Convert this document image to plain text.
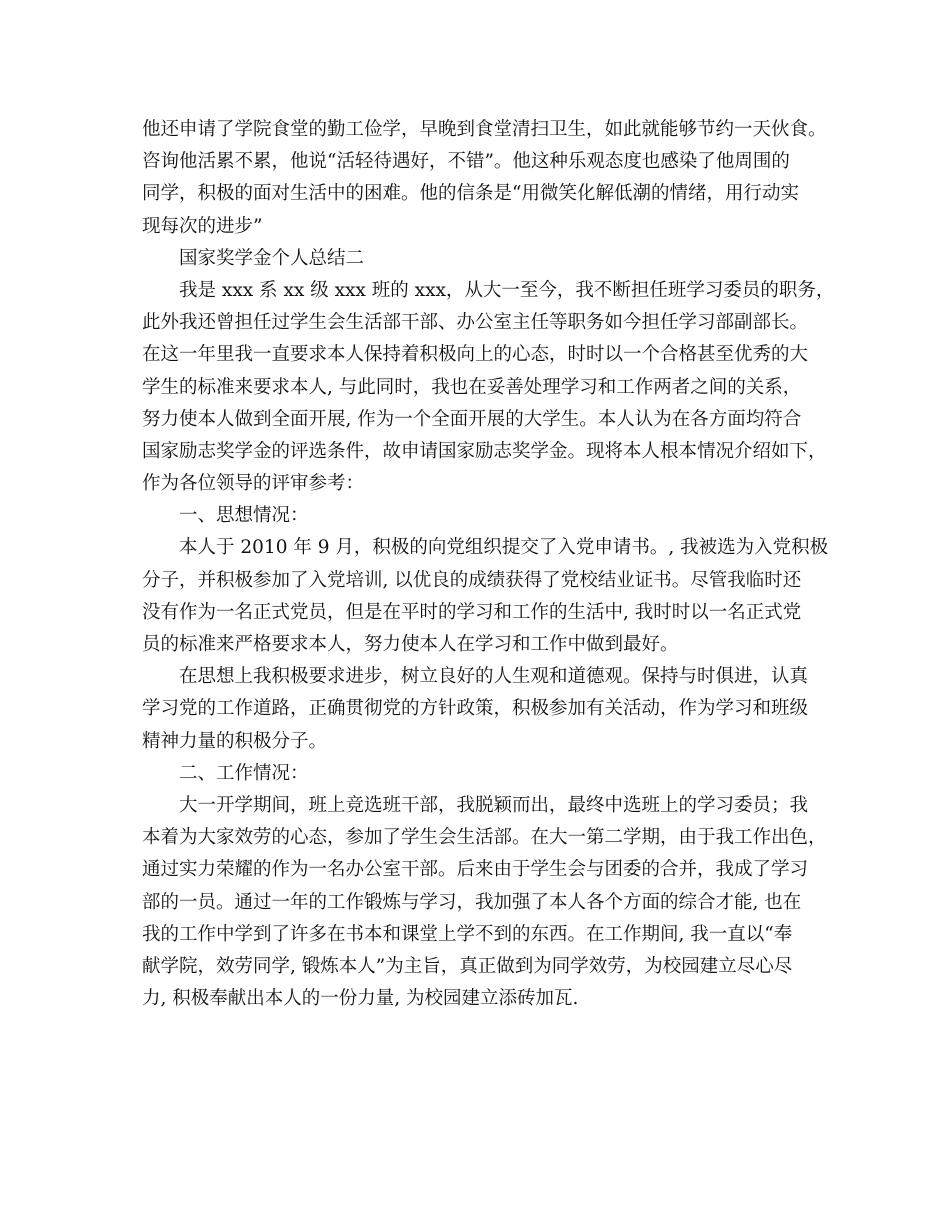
他还申请了学院食堂的勤工俭学，早晚到食堂清扫卫生，如此就能够节约一天伙食。
咨询他活累不累，他说“活轻待遇好，不错”。他这种乐观态度也感染了他周围的
同学，积极的面对生活中的困难。他的信条是“用微笑化解低潮的情绪，用行动实
现每次的进步”
国家奖学金个人总结二
我是 xxx 系 xx 级 xxx 班的 xxx，从大一至今，我不断担任班学习委员的职务，
此外我还曾担任过学生会生活部干部、办公室主任等职务如今担任学习部副部长。
在这一年里我一直要求本人保持着积极向上的心态，时时以一个合格甚至优秀的大
学生的标准来要求本人, 与此同时，我也在妥善处理学习和工作两者之间的关系，
努力使本人做到全面开展, 作为一个全面开展的大学生。本人认为在各方面均符合
国家励志奖学金的评选条件，故申请国家励志奖学金。现将本人根本情况介绍如下，
作为各位领导的评审参考：
一、思想情况：
本人于 2010 年 9 月，积极的向党组织提交了入党申请书。, 我被选为入党积极
分子，并积极参加了入党培训, 以优良的成绩获得了党校结业证书。尽管我临时还
没有作为一名正式党员，但是在平时的学习和工作的生活中, 我时时以一名正式党
员的标准来严格要求本人，努力使本人在学习和工作中做到最好。
在思想上我积极要求进步，树立良好的人生观和道德观。保持与时俱进，认真
学习党的工作道路，正确贯彻党的方针政策，积极参加有关活动，作为学习和班级
精神力量的积极分子。
二、工作情况：
大一开学期间，班上竞选班干部，我脱颖而出，最终中选班上的学习委员；我
本着为大家效劳的心态，参加了学生会生活部。在大一第二学期，由于我工作出色，
通过实力荣耀的作为一名办公室干部。后来由于学生会与团委的合并，我成了学习
部的一员。通过一年的工作锻炼与学习，我加强了本人各个方面的综合才能, 也在
我的工作中学到了许多在书本和课堂上学不到的东西。在工作期间, 我一直以“奉
献学院，效劳同学, 锻炼本人”为主旨，真正做到为同学效劳，为校园建立尽心尽
力, 积极奉献出本人的一份力量, 为校园建立添砖加瓦.
